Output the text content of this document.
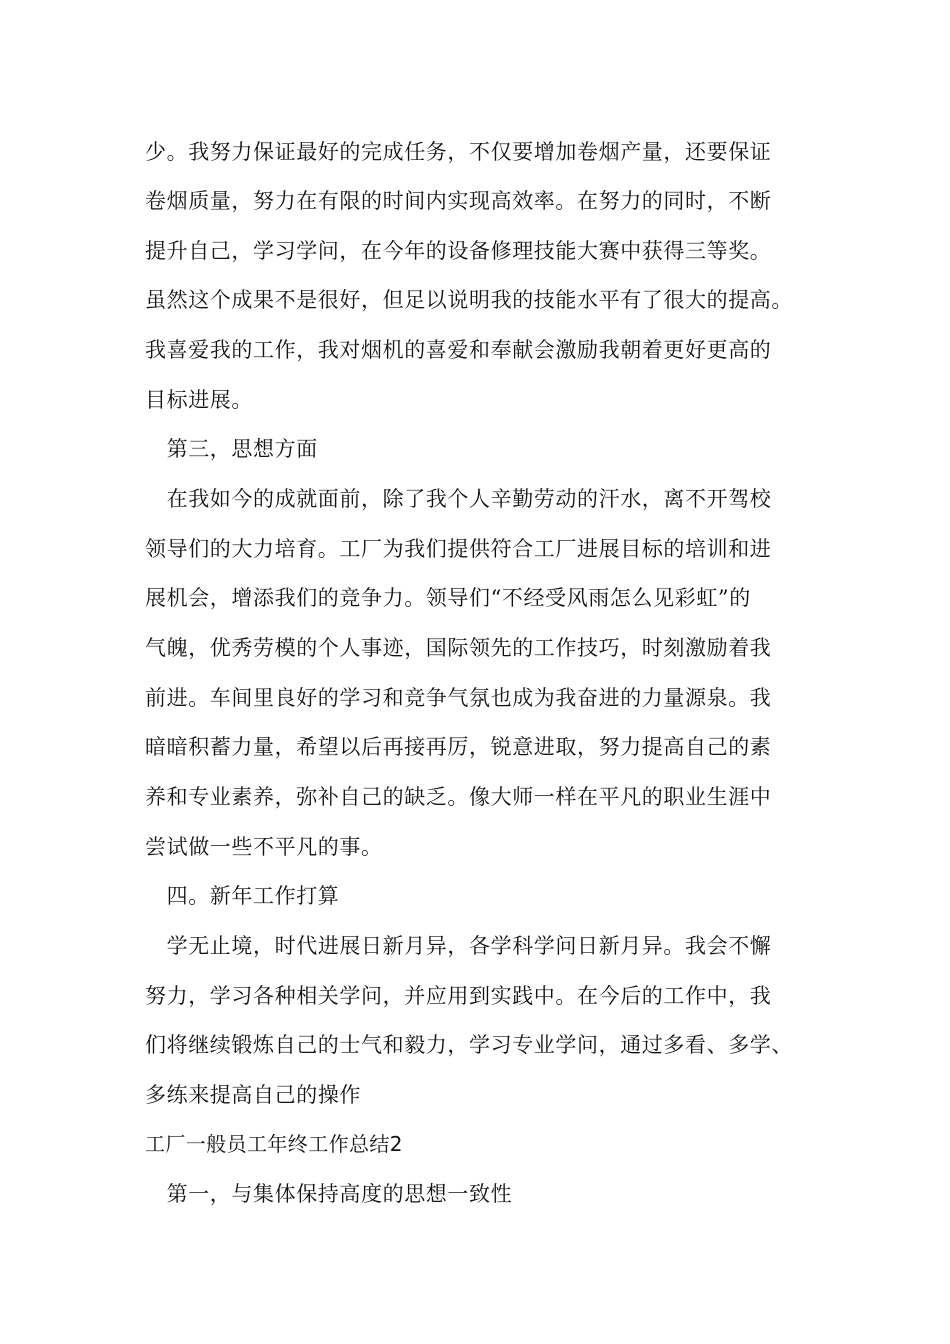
少。我努力保证最好的完成任务，不仅要增加卷烟产量，还要保证

卷烟质量，努力在有限的时间内实现高效率。在努力的同时，不断

提升自己，学习学问，在今年的设备修理技能大赛中获得三等奖。

虽然这个成果不是很好，但足以说明我的技能水平有了很大的提高。

我喜爱我的工作，我对烟机的喜爱和奉献会激励我朝着更好更高的

目标进展。

　第三，思想方面

　在我如今的成就面前，除了我个人辛勤劳动的汗水，离不开驾校

领导们的大力培育。工厂为我们提供符合工厂进展目标的培训和进

展机会，增添我们的竞争力。领导们“不经受风雨怎么见彩虹”的

气魄，优秀劳模的个人事迹，国际领先的工作技巧，时刻激励着我

前进。车间里良好的学习和竞争气氛也成为我奋进的力量源泉。我

暗暗积蓄力量，希望以后再接再厉，锐意进取，努力提高自己的素

养和专业素养，弥补自己的缺乏。像大师一样在平凡的职业生涯中

尝试做一些不平凡的事。

　四。新年工作打算

　学无止境，时代进展日新月异，各学科学问日新月异。我会不懈

努力，学习各种相关学问，并应用到实践中。在今后的工作中，我

们将继续锻炼自己的士气和毅力，学习专业学问，通过多看、多学、

多练来提高自己的操作

工厂一般员工年终工作总结2

　第一，与集体保持高度的思想一致性
